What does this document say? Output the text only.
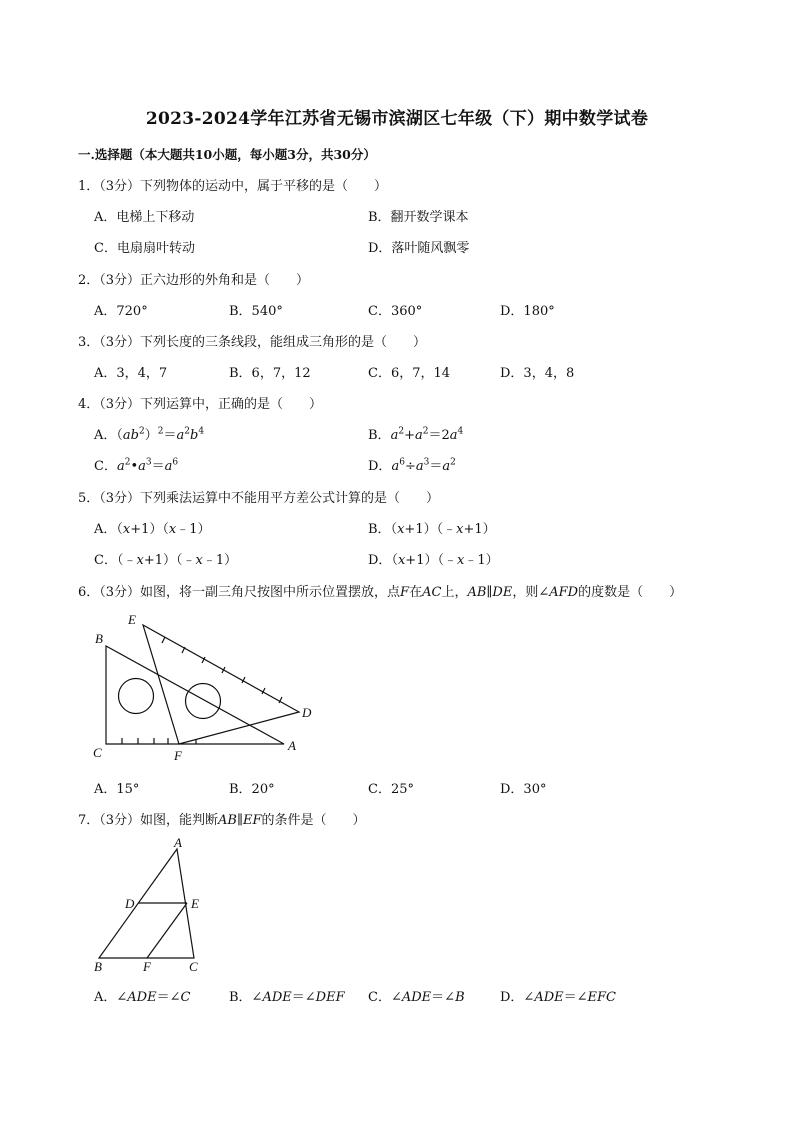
2023-2024学年江苏省无锡市滨湖区七年级（下）期中数学试卷
一.选择题（本大题共10小题，每小题3分，共30分）
1．（3分）下列物体的运动中，属于平移的是（　　）
A．电梯上下移动	B．翻开数学课本
C．电扇扇叶转动	D．落叶随风飘零
2．（3分）正六边形的外角和是（　　）
A．720°	B．540°	C．360°	D．180°
3．（3分）下列长度的三条线段，能组成三角形的是（　　）
A．3，4，7	B．6，7，12	C．6，7，14	D．3，4，8
4．（3分）下列运算中，正确的是（　　）
A．$(ab^2)^2=a^2b^4$	B．$a^2+a^2=2a^4$
C．$a^2•a^3=a^6$	D．$a^6\div a^3=a^2$
5．（3分）下列乘法运算中不能用平方差公式计算的是（　　）
A．（x+1）（x﹣1）	B．（x+1）（﹣x+1）
C．（﹣x+1）（﹣x﹣1）	D．（x+1）（﹣x﹣1）
6．（3分）如图，将一副三角尺按图中所示位置摆放，点F在AC上，AB∥DE，则∠AFD的度数是（　　）
E
B
C	F
A
D
A．15°	B．20°	C．25°	D．30°
7．（3分）如图，能判断AB∥EF的条件是（　　）
A
D	E
B	F	C
A．∠ADE＝∠C	B．∠ADE＝∠DEF C．∠ADE＝∠B	D．∠ADE＝∠EFC
